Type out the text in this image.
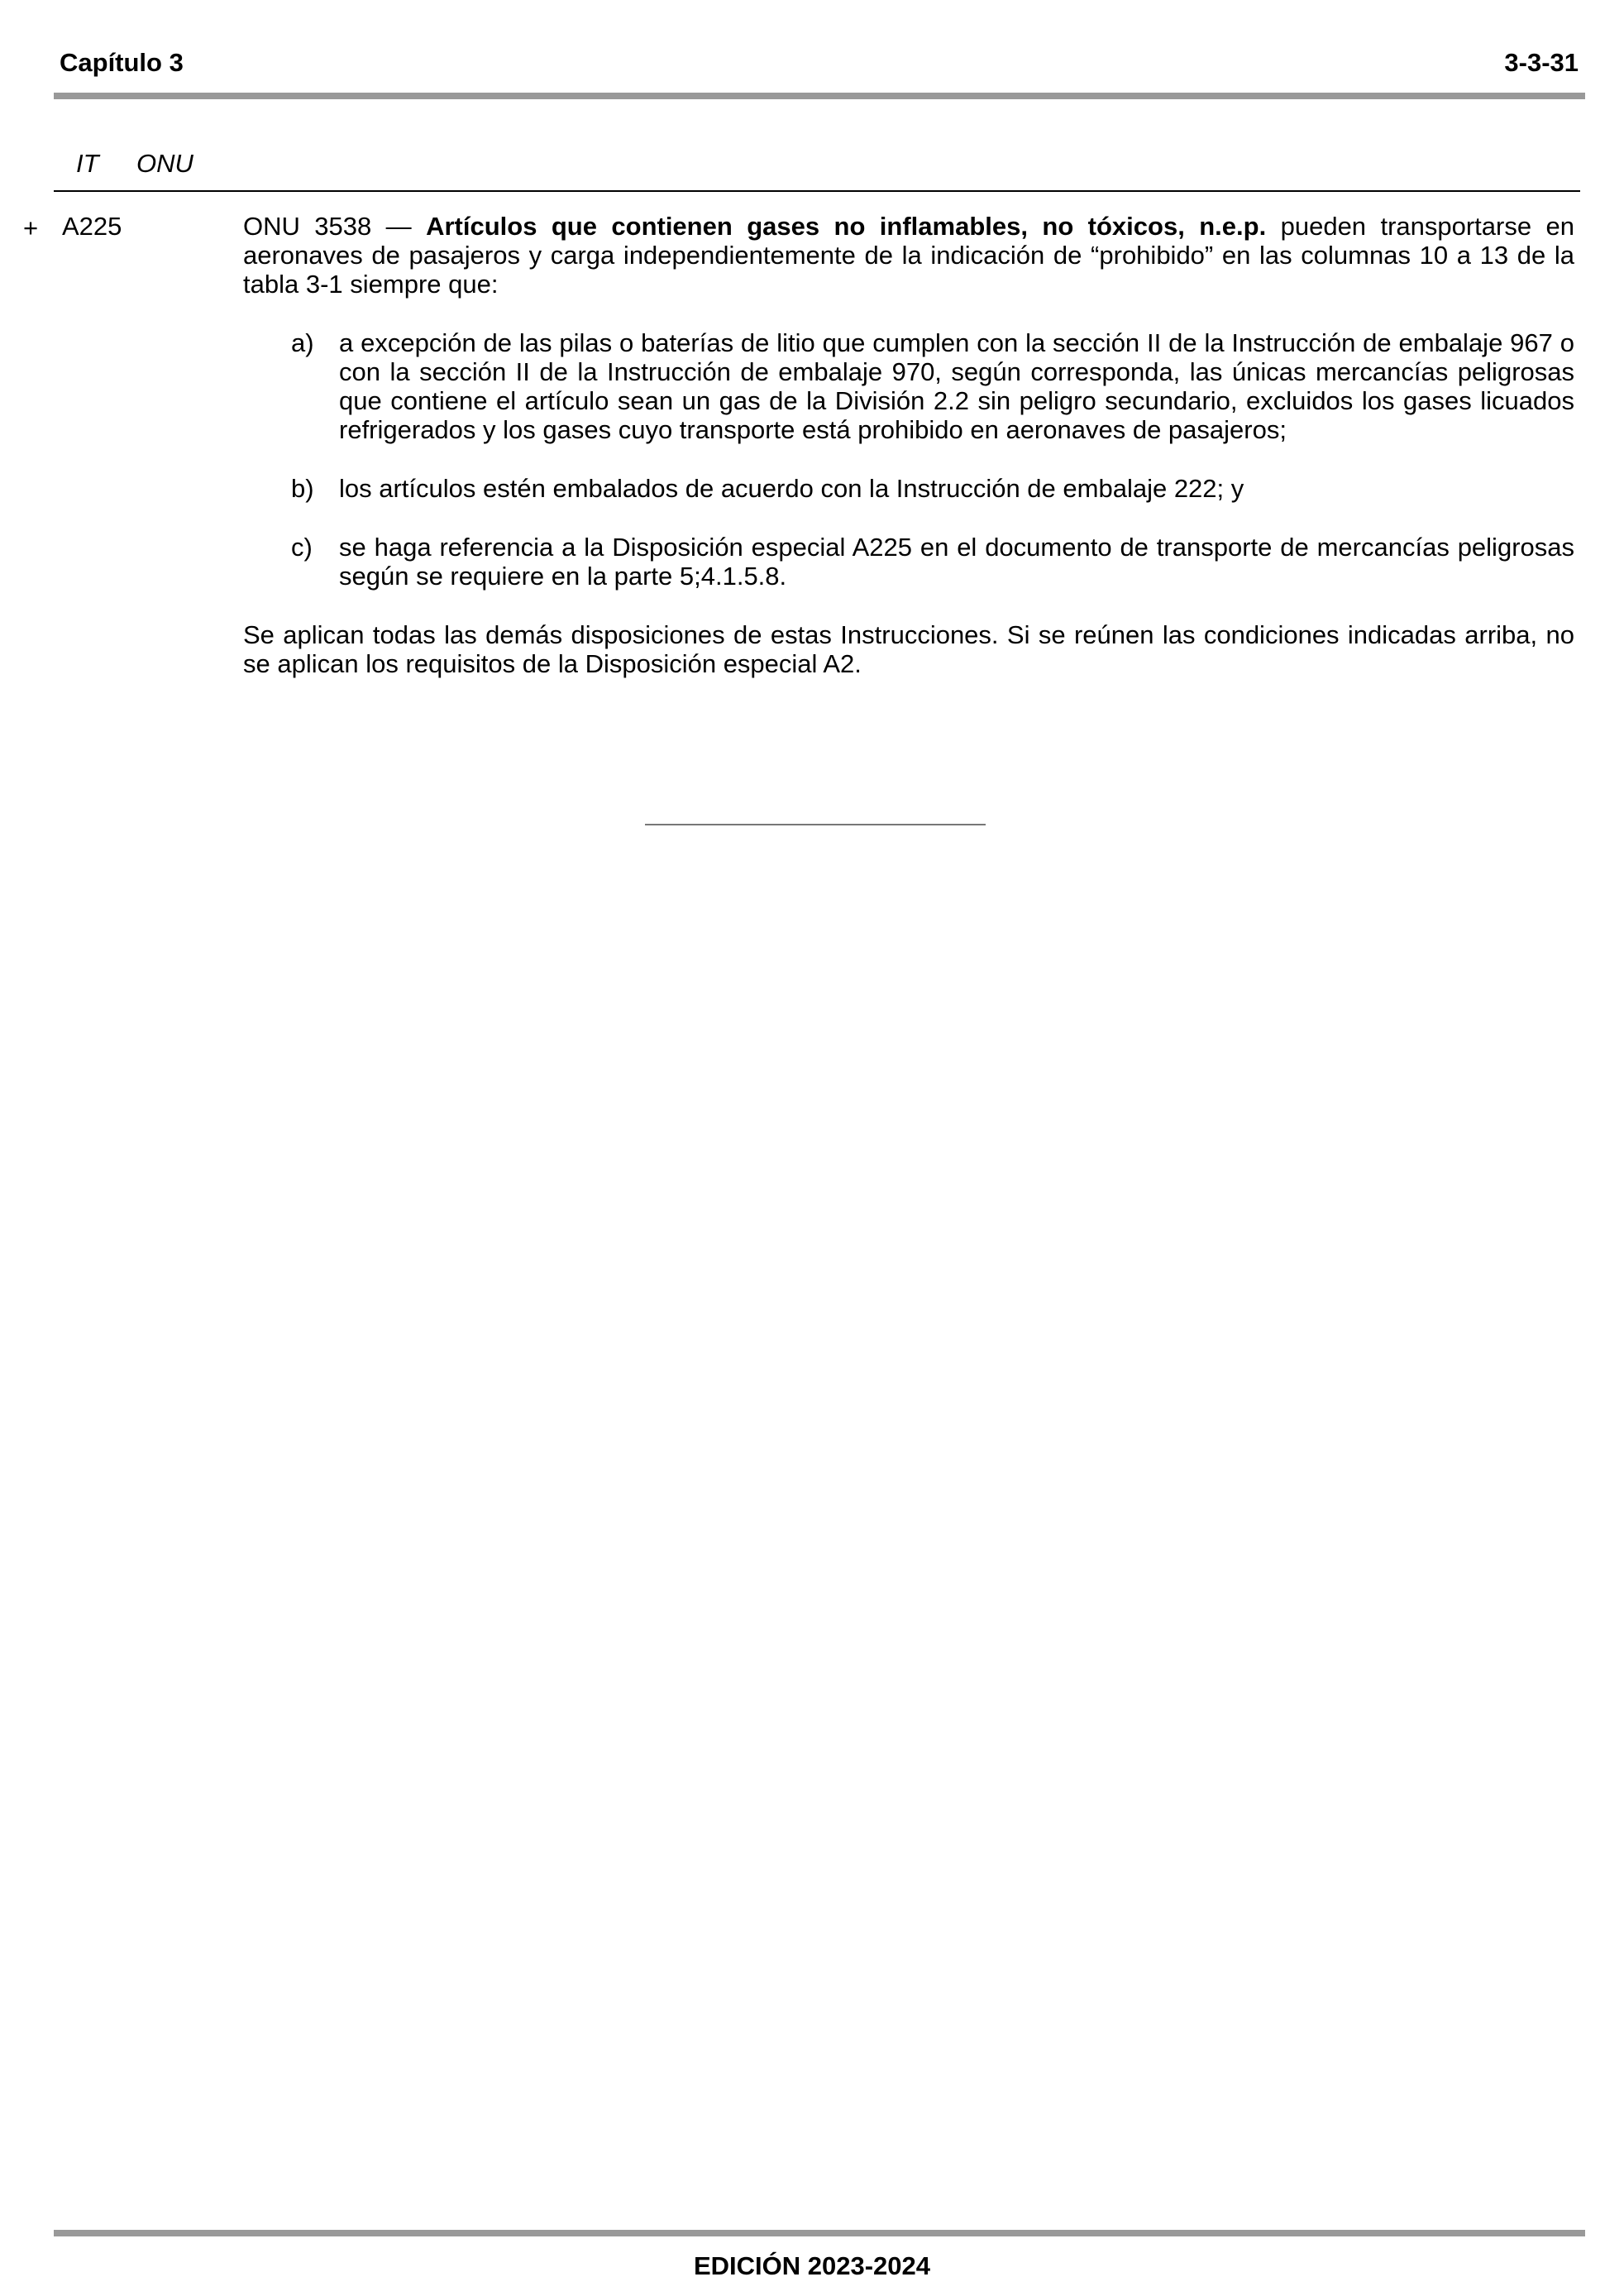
Capítulo 3	3-3-31
IT ONU
+ A225	ONU 3538 — Artículos que contienen gases no inflamables, no tóxicos, n.e.p. pueden transportarse en aeronaves de pasajeros y carga independientemente de la indicación de “prohibido” en las columnas 10 a 13 de la tabla 3-1 siempre que:

a) a excepción de las pilas o baterías de litio que cumplen con la sección II de la Instrucción de embalaje 967 o con la sección II de la Instrucción de embalaje 970, según corresponda, las únicas mercancías peligrosas que contiene el artículo sean un gas de la División 2.2 sin peligro secundario, excluidos los gases licuados refrigerados y los gases cuyo transporte está prohibido en aeronaves de pasajeros;

b) los artículos estén embalados de acuerdo con la Instrucción de embalaje 222; y

c) se haga referencia a la Disposición especial A225 en el documento de transporte de mercancías peligrosas según se requiere en la parte 5;4.1.5.8.

Se aplican todas las demás disposiciones de estas Instrucciones. Si se reúnen las condiciones indicadas arriba, no se aplican los requisitos de la Disposición especial A2.

EDICIÓN 2023-2024
